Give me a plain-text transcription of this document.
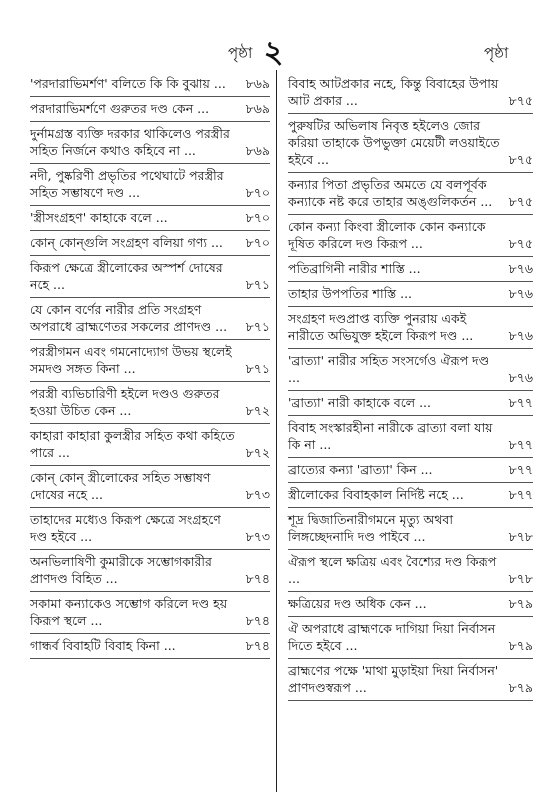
২
পৃষ্ঠা	পৃষ্ঠা
'পরদারাভিমর্শণ' বলিতে কি কি বুঝায় ...	৮৬৯
পরদারাভিমর্শণে গুরুতর দণ্ড কেন ...	৮৬৯
দুর্নামগ্রস্ত ব্যক্তি দরকার থাকিলেও পরস্ত্রীর সহিত নির্জনে কথাও কহিবে না ...	৮৬৯
নদী, পুষ্করিণী প্রভৃতির পথেঘাটে পরস্ত্রীর সহিত সম্ভাষণে দণ্ড ...	৮৭০
'স্ত্রীসংগ্রহণ' কাহাকে বলে ...	৮৭০
কোন্ কোন্গুলি সংগ্রহণ বলিয়া গণ্য ...	৮৭০
কিরূপ ক্ষেত্রে স্ত্রীলোকের অস্পর্শ দোষের নহে ...	৮৭১
যে কোন বর্ণের নারীর প্রতি সংগ্রহণ অপরাধে ব্রাহ্মণেতর সকলের প্রাণদণ্ড ...	৮৭১
পরস্ত্রীগমন এবং গমনোদ্যোগ উভয় স্থলেই সমদণ্ড সঙ্গত কিনা ...	৮৭১
পরস্ত্রী ব্যভিচারিণী হইলে দণ্ডও গুরুতর হওয়া উচিত কেন ...	৮৭২
কাহারা কাহারা কুলস্ত্রীর সহিত কথা কহিতে পারে ...	৮৭২
কোন্ কোন্ স্ত্রীলোকের সহিত সম্ভাষণ দোষের নহে ...	৮৭৩
তাহাদের মধ্যেও কিরূপ ক্ষেত্রে সংগ্রহণে দণ্ড হইবে ...	৮৭৩
অনভিলাষিণী কুমারীকে সম্ভোগকারীর প্রাণদণ্ড বিহিত ...	৮৭৪
সকামা কন্যাকেও সম্ভোগ করিলে দণ্ড হয় কিরূপ স্থলে ...	৮৭৪
গান্ধর্ব বিবাহটি বিবাহ কিনা ...	৮৭৪
বিবাহ আটপ্রকার নহে, কিন্তু বিবাহের উপায় আট প্রকার ...	৮৭৫
পুরুষটির অভিলাষ নিবৃত্ত হইলেও জোর করিয়া তাহাকে উপভুক্তা মেয়েটী লওয়াইতে হইবে ...	৮৭৫
কন্যার পিতা প্রভৃতির অমতে যে বলপূর্বক কন্যাকে নষ্ট করে তাহার অঙ্গুলিকর্তন ...	৮৭৫
কোন কন্যা কিংবা স্ত্রীলোক কোন কন্যাকে দূষিত করিলে দণ্ড কিরূপ ...	৮৭৫
পতিব্রাগিনী নারীর শাস্তি ...	৮৭৬
তাহার উপপতির শাস্তি ...	৮৭৬
সংগ্রহণ দণ্ডপ্রাপ্ত ব্যক্তি পুনরায় একই নারীতে অভিযুক্ত হইলে কিরূপ দণ্ড ...	৮৭৬
'ব্রাত্যা' নারীর সহিত সংসর্গেও ঐরূপ দণ্ড ...	৮৭৬
'ব্রাত্যা' নারী কাহাকে বলে ...	৮৭৭
বিবাহ সংস্কারহীনা নারীকে ব্রাত্যা বলা যায় কি না ...	৮৭৭
ব্রাত্যের কন্যা 'ব্রাত্যা' কিন ...	৮৭৭
স্ত্রীলোকের বিবাহকাল নির্দিষ্ট নহে ...	৮৭৭
শূদ্র দ্বিজাতিনারীগমনে মৃত্যু অথবা লিঙ্গচ্ছেদনাদি দণ্ড পাইবে ...	৮৭৮
ঐরূপ স্থলে ক্ষত্রিয় এবং বৈশ্যের দণ্ড কিরূপ ...	৮৭৮
ক্ষত্রিয়ের দণ্ড অধিক কেন ...	৮৭৯
ঐ অপরাধে ব্রাহ্মণকে দাগিয়া দিয়া নির্বাসন দিতে হইবে ...	৮৭৯
ব্রাহ্মণের পক্ষে 'মাথা মুড়াইয়া দিয়া নির্বাসন' প্রাণদণ্ডস্বরূপ ...	৮৭৯
